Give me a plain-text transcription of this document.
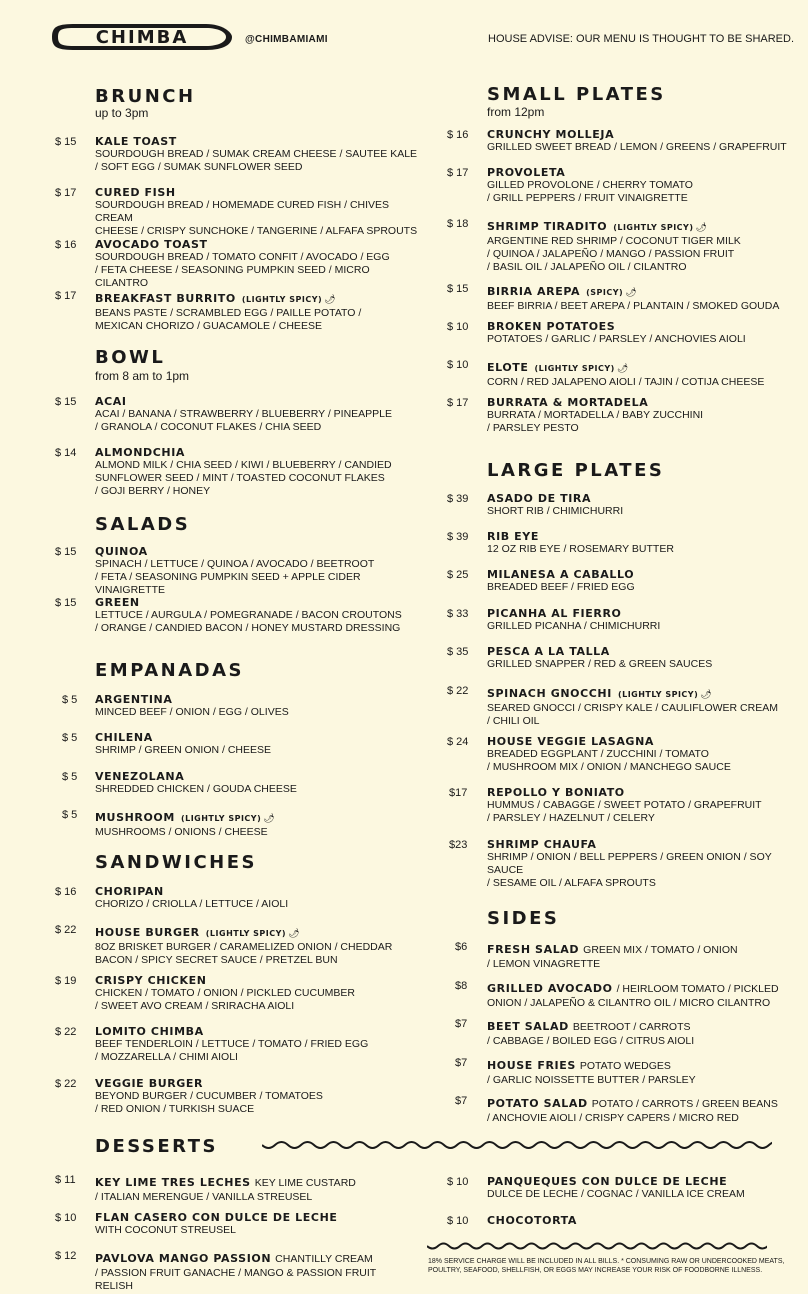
CHIMBA	@CHIMBAMIAMI	HOUSE ADVISE: OUR MENU IS THOUGHT TO BE SHARED.
BRUNCH
up to 3pm
$ 15 KALE TOAST
SOURDOUGH BREAD / SUMAK CREAM CHEESE / SAUTEE KALE
/ SOFT EGG / SUMAK SUNFLOWER SEED
$ 17 CURED FISH
SOURDOUGH BREAD / HOMEMADE CURED FISH / CHIVES CREAM
CHEESE / CRISPY SUNCHOKE / TANGERINE / ALFAFA SPROUTS
$ 16 AVOCADO TOAST
SOURDOUGH BREAD / TOMATO CONFIT / AVOCADO / EGG
/ FETA CHEESE / SEASONING PUMPKIN SEED / MICRO CILANTRO
$ 17 BREAKFAST BURRITO (LIGHTLY SPICY) 🌶
BEANS PASTE / SCRAMBLED EGG / PAILLE POTATO /
MEXICAN CHORIZO / GUACAMOLE / CHEESE
BOWL
from 8 am to 1pm
$ 15 ACAI
ACAI / BANANA / STRAWBERRY / BLUEBERRY / PINEAPPLE
/ GRANOLA / COCONUT FLAKES / CHIA SEED
$ 14 ALMONDCHIA
ALMOND MILK / CHIA SEED / KIWI / BLUEBERRY / CANDIED
SUNFLOWER SEED / MINT / TOASTED COCONUT FLAKES
/ GOJI BERRY / HONEY
SALADS
$ 15 QUINOA
SPINACH / LETTUCE / QUINOA / AVOCADO / BEETROOT
/ FETA / SEASONING PUMPKIN SEED + APPLE CIDER VINAIGRETTE
$ 15 GREEN
LETTUCE / AURGULA / POMEGRANADE / BACON CROUTONS
/ ORANGE / CANDIED BACON / HONEY MUSTARD DRESSING
EMPANADAS
$ 5 ARGENTINA
MINCED BEEF / ONION / EGG / OLIVES
$ 5 CHILENA
SHRIMP / GREEN ONION / CHEESE
$ 5 VENEZOLANA
SHREDDED CHICKEN / GOUDA CHEESE
$ 5 MUSHROOM (LIGHTLY SPICY) 🌶
MUSHROOMS / ONIONS / CHEESE
SANDWICHES
$ 16 CHORIPAN
CHORIZO / CRIOLLA / LETTUCE / AIOLI
$ 22 HOUSE BURGER (LIGHTLY SPICY) 🌶
8OZ BRISKET BURGER / CARAMELIZED ONION / CHEDDAR
BACON / SPICY SECRET SAUCE / PRETZEL BUN
$ 19 CRISPY CHICKEN
CHICKEN / TOMATO / ONION / PICKLED CUCUMBER
/ SWEET AVO CREAM / SRIRACHA AIOLI
$ 22 LOMITO CHIMBA
BEEF TENDERLOIN / LETTUCE / TOMATO / FRIED EGG
/ MOZZARELLA / CHIMI AIOLI
$ 22 VEGGIE BURGER
BEYOND BURGER / CUCUMBER / TOMATOES
/ RED ONION / TURKISH SUACE
SMALL PLATES
from 12pm
$ 16 CRUNCHY MOLLEJA
GRILLED SWEET BREAD / LEMON / GREENS / GRAPEFRUIT
$ 17 PROVOLETA
GILLED PROVOLONE / CHERRY TOMATO
/ GRILL PEPPERS / FRUIT VINAIGRETTE
$ 18 SHRIMP TIRADITO (LIGHTLY SPICY) 🌶
ARGENTINE RED SHRIMP / COCONUT TIGER MILK
/ QUINOA / JALAPEÑO / MANGO / PASSION FRUIT
/ BASIL OIL / JALAPEÑO OIL / CILANTRO
$ 15 BIRRIA AREPA (SPICY) 🌶
BEEF BIRRIA / BEET AREPA / PLANTAIN / SMOKED GOUDA
$ 10 BROKEN POTATOES
POTATOES / GARLIC / PARSLEY / ANCHOVIES AIOLI
$ 10 ELOTE (LIGHTLY SPICY) 🌶
CORN / RED JALAPENO AIOLI / TAJIN / COTIJA CHEESE
$ 17 BURRATA & MORTADELA
BURRATA / MORTADELLA / BABY ZUCCHINI
/ PARSLEY PESTO
LARGE PLATES
$ 39 ASADO DE TIRA
SHORT RIB / CHIMICHURRI
$ 39 RIB EYE
12 OZ RIB EYE / ROSEMARY BUTTER
$ 25 MILANESA A CABALLO
BREADED BEEF / FRIED EGG
$ 33 PICANHA AL FIERRO
GRILLED PICANHA / CHIMICHURRI
$ 35 PESCA A LA TALLA
GRILLED SNAPPER / RED & GREEN SAUCES
$ 22 SPINACH GNOCCHI (LIGHTLY SPICY) 🌶
SEARED GNOCCI / CRISPY KALE / CAULIFLOWER CREAM
/ CHILI OIL
$ 24 HOUSE VEGGIE LASAGNA
BREADED EGGPLANT / ZUCCHINI / TOMATO
/ MUSHROOM MIX / ONION / MANCHEGO SAUCE
$17 REPOLLO Y BONIATO
HUMMUS / CABAGGE / SWEET POTATO / GRAPEFRUIT
/ PARSLEY / HAZELNUT / CELERY
$23 SHRIMP CHAUFA
SHRIMP / ONION / BELL PEPPERS / GREEN ONION / SOY SAUCE
/ SESAME OIL / ALFAFA SPROUTS
SIDES
$6 FRESH SALAD GREEN MIX / TOMATO / ONION
/ LEMON VINAGRETTE
$8 GRILLED AVOCADO / HEIRLOOM TOMATO / PICKLED
ONION / JALAPEÑO & CILANTRO OIL / MICRO CILANTRO
$7 BEET SALAD BEETROOT / CARROTS
/ CABBAGE / BOILED EGG / CITRUS AIOLI
$7 HOUSE FRIES POTATO WEDGES
/ GARLIC NOISSETTE BUTTER / PARSLEY
$7 POTATO SALAD POTATO / CARROTS / GREEN BEANS
/ ANCHOVIE AIOLI / CRISPY CAPERS / MICRO RED
DESSERTS
$ 11 KEY LIME TRES LECHES KEY LIME CUSTARD
/ ITALIAN MERENGUE / VANILLA STREUSEL
$ 10 FLAN CASERO CON DULCE DE LECHE
WITH COCONUT STREUSEL
$ 12 PAVLOVA MANGO PASSION CHANTILLY CREAM
/ PASSION FRUIT GANACHE / MANGO & PASSION FRUIT RELISH
$ 10 PANQUEQUES CON DULCE DE LECHE
DULCE DE LECHE / COGNAC / VANILLA ICE CREAM
$ 10 CHOCOTORTA
18% SERVICE CHARGE WILL BE INCLUDED IN ALL BILLS. * CONSUMING RAW OR UNDERCOOKED MEATS, POULTRY, SEAFOOD, SHELLFISH, OR EGGS MAY INCREASE YOUR RISK OF FOODBORNE ILLNESS.
